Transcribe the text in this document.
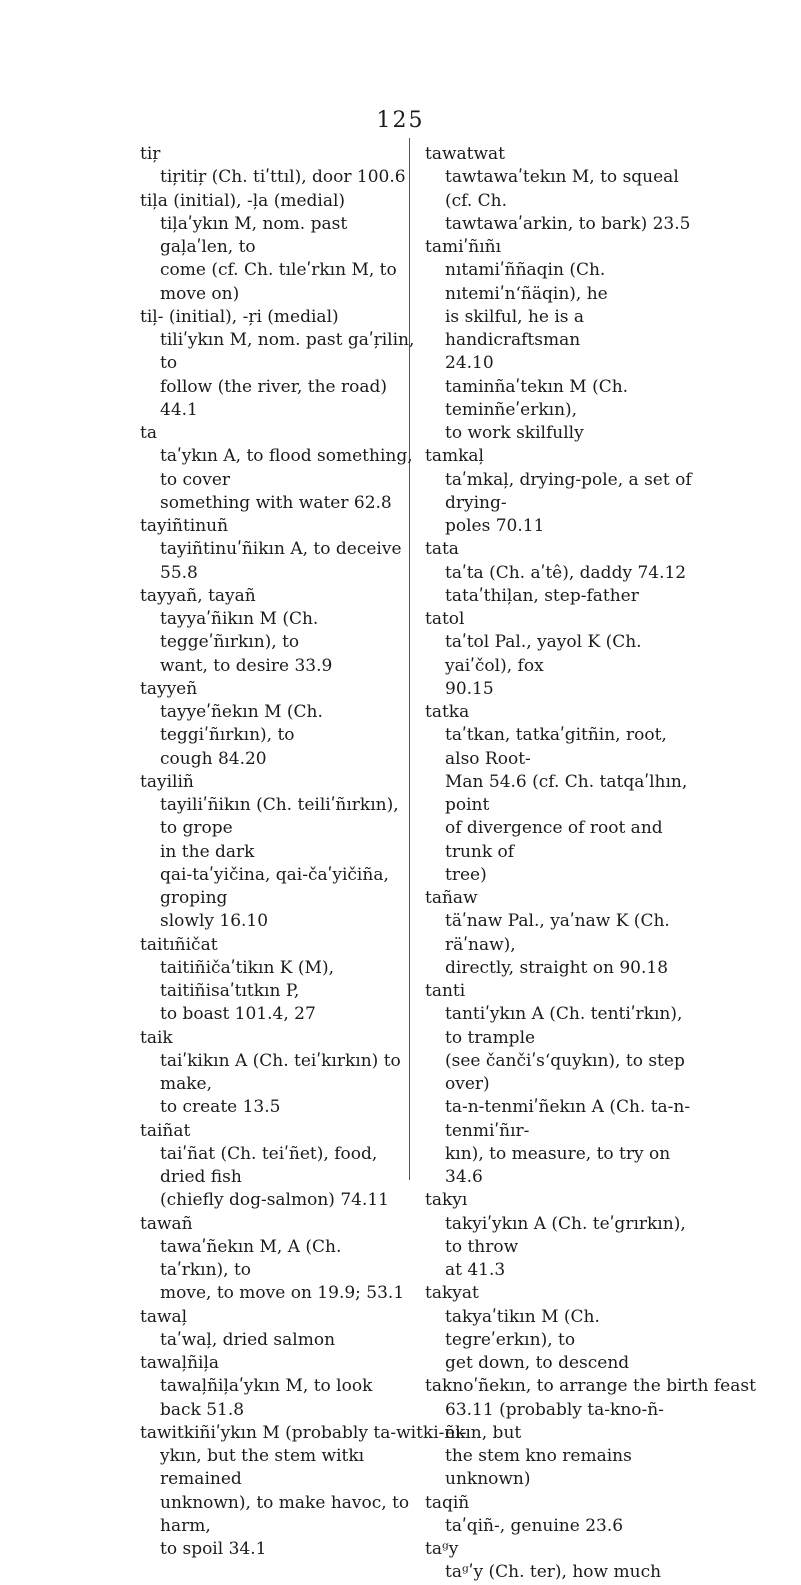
125
tiŗ
tiŗitiŗ (Ch. tiʹttıl), door 100.6
tiļa (initial), -ļa (medial)
tiļaʹykın M, nom. past gaļaʹlen, to
come (cf. Ch. tıleʹrkın M, to move on)
tiļ- (initial), -ŗi (medial)
tiliʹykın M, nom. past gaʹŗilin, to
follow (the river, the road) 44.1
ta
taʹykın A, to flood something, to cover
something with water 62.8
tayiñtinuñ
tayiñtinuʹñikın A, to deceive 55.8
tayyañ, tayañ
tayyaʹñikın M (Ch. teggeʹñırkın), to
want, to desire 33.9
tayyeñ
tayyeʹñekın M (Ch. teggiʹñırkın), to
cough 84.20
tayiliñ
tayiliʹñikın (Ch. teiliʹñırkın), to grope
in the dark
qai-taʹyičina, qai-čaʹyičiña, groping
slowly 16.10
taitıñičat
taitiñičaʹtikın K (M), taitiñisaʹtıtkın P,
to boast 101.4, 27
taik
taiʹkikın A (Ch. teiʹkırkın) to make,
to create 13.5
taiñat
taiʹñat (Ch. teiʹñet), food, dried fish
(chiefly dog-salmon) 74.11
tawañ
tawaʹñekın M, A (Ch. taʹrkın), to
move, to move on 19.9; 53.1
tawaļ
taʹwaļ, dried salmon
tawaļñiļa
tawaļñiļaʹykın M, to look back 51.8
tawitkiñiʹykın M (probably ta-witki-ñi-
ykın, but the stem witkı remained
unknown), to make havoc, to harm,
to spoil 34.1
tawatwat
tawtawaʹtekın M, to squeal (cf. Ch.
tawtawaʹarkin, to bark) 23.5
tamiʹñıñı
nıtamiʹññaqin (Ch. nıtemiʹnʻñäqin), he
is skilful, he is a handicraftsman
24.10
taminñaʹtekın M (Ch. teminñeʹerkın),
to work skilfully
tamkaļ
taʹmkaļ, drying-pole, a set of drying-
poles 70.11
tata
taʹta (Ch. aʹtê), daddy 74.12
tataʹthiļan, step-father
tatol
taʹtol Pal., yayol K (Ch. yaiʹčol), fox
90.15
tatka
taʹtkan, tatkaʹgitñin, root, also Root-
Man 54.6 (cf. Ch. tatqaʹlhın, point
of divergence of root and trunk of
tree)
tañaw
täʹnaw Pal., yaʹnaw K (Ch. räʹnaw),
directly, straight on 90.18
tanti
tantiʹykın A (Ch. tentiʹrkın), to trample
(see čančiʹsʻquykın), to step over)
ta-n-tenmiʹñekın A (Ch. ta-n-tenmiʹñır-
kın), to measure, to try on 34.6
takyı
takyiʹykın A (Ch. teʹgrırkın), to throw
at 41.3
takyat
takyaʹtikın M (Ch. tegreʹerkın), to
get down, to descend
taknoʹñekın, to arrange the birth feast
63.11 (probably ta-kno-ñ-ekın, but
the stem kno remains unknown)
taqiñ
taʹqiñ-, genuine 23.6
taᵍy
taᵍʹy (Ch. ter), how much
